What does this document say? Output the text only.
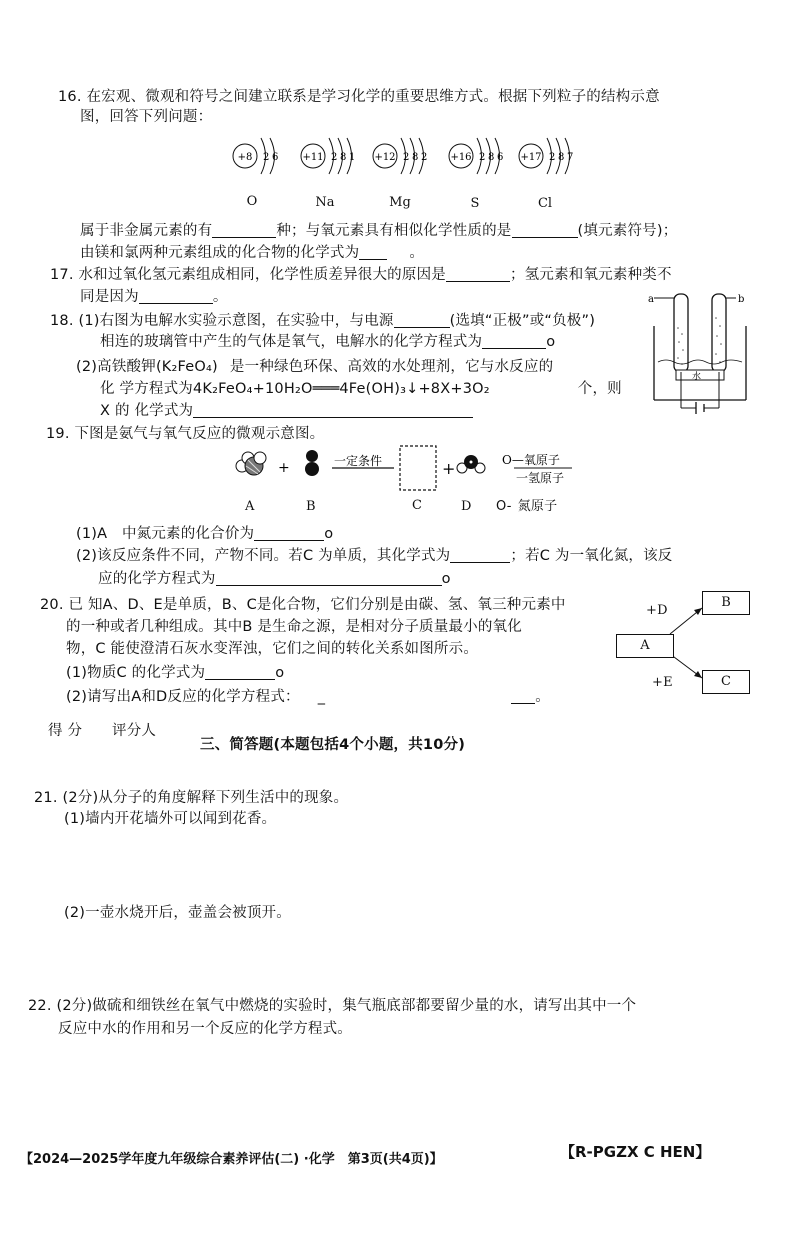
16. 在宏观、微观和符号之间建立联系是学习化学的重要思维方式。根据下列粒子的结构示意
图，回答下列问题：
+8 2 6 +11 2 8 1 +12 2 8 2 +16 2 8 6 +17 2 8 7
O	Na	Mg	S	Cl
属于非金属元素的有	种；与氧元素具有相似化学性质的是	(填元素符号)；
由镁和氯两种元素组成的化合物的化学式为	。
17. 水和过氧化氢元素组成相同，化学性质差异很大的原因是	；氢元素和氧元素种类不
同是因为	。
18. (1)右图为电解水实验示意图，在实验中，与电源	(选填“正极”或“负极”)
相连的玻璃管中产生的气体是氧气，电解水的化学方程式为	o
(2)高铁酸钾(K₂FeO₄) 是一种绿色环保、高效的水处理剂，它与水反应的
化 学方程式为4K₂FeO₄+10H₂O═══4Fe(OH)₃↓+8X+3O₂	个，则
X 的 化学式为
a	b
水
19. 下图是氨气与氧气反应的微观示意图。
+	一定条件	+	O—氧原子
一氢原子
A	B	C	D O- 氮原子
(1)A　中氮元素的化合价为	o
(2)该反应条件不同，产物不同。若C 为单质，其化学式为	；若C 为一氧化氮，该反
应的化学方程式为	o
20. 已 知A、D、E是单质，B、C是化合物，它们分别是由碳、氢、氧三种元素中
的一种或者几种组成。其中B 是生命之源，是相对分子质量最小的氧化
物，C 能使澄清石灰水变浑浊，它们之间的转化关系如图所示。
(1)物质C 的化学式为	o
(2)请写出A和D反应的化学方程式： _	。
A
B
C
+D
+E
得 分 评分人
三、简答题(本题包括4个小题，共10分)
21. (2分)从分子的角度解释下列生活中的现象。
(1)墙内开花墙外可以闻到花香。
(2)一壶水烧开后，壶盖会被顶开。
22. (2分)做硫和细铁丝在氧气中燃烧的实验时，集气瓶底部都要留少量的水，请写出其中一个
反应中水的作用和另一个反应的化学方程式。
【2024—2025学年度九年级综合素养评估(二) ·化学　第3页(共4页)】	【R-PGZX C HEN】
